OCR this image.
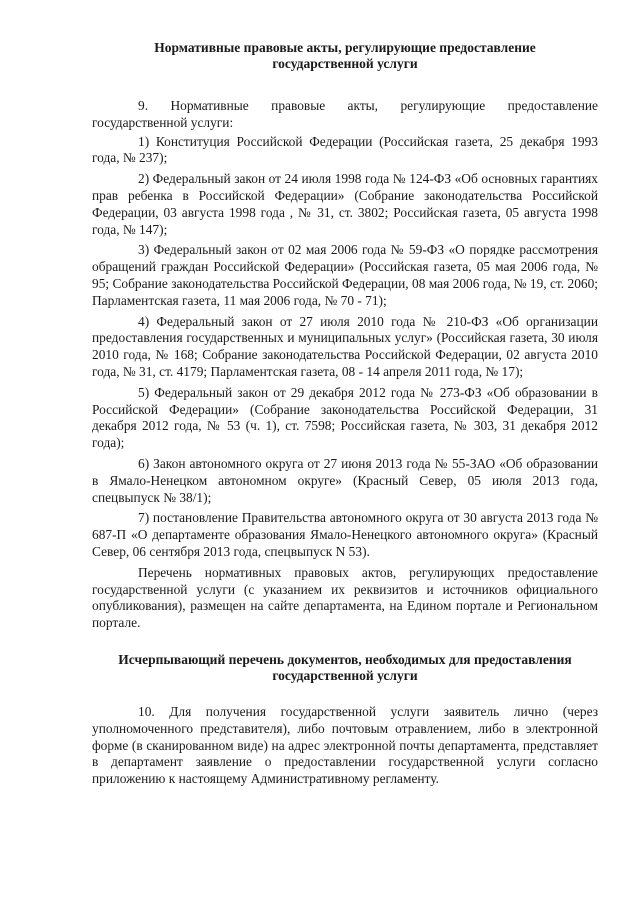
Нормативные правовые акты, регулирующие предоставление
государственной услуги

9. Нормативные правовые акты, регулирующие предоставление государственной услуги:

1) Конституция Российской Федерации (Российская газета, 25 декабря 1993 года, № 237);

2) Федеральный закон от 24 июля 1998 года № 124-ФЗ «Об основных гарантиях прав ребенка в Российской Федерации» (Собрание законодательства Российской Федерации, 03 августа 1998 года , № 31, ст. 3802; Российская газета, 05 августа 1998 года, № 147);

3) Федеральный закон от 02 мая 2006 года № 59-ФЗ «О порядке рассмотрения обращений граждан Российской Федерации» (Российская газета, 05 мая 2006 года, № 95; Собрание законодательства Российской Федерации, 08 мая 2006 года, № 19, ст. 2060; Парламентская газета, 11 мая 2006 года, № 70 - 71);

4) Федеральный закон от 27 июля 2010 года № 210-ФЗ «Об организации предоставления государственных и муниципальных услуг» (Российская газета, 30 июля 2010 года, № 168; Собрание законодательства Российской Федерации, 02 августа 2010 года, № 31, ст. 4179; Парламентская газета, 08 - 14 апреля 2011 года, № 17);

5) Федеральный закон от 29 декабря 2012 года № 273-ФЗ «Об образовании в Российской Федерации» (Собрание законодательства Российской Федерации, 31 декабря 2012 года, № 53 (ч. 1), ст. 7598; Российская газета, № 303, 31 декабря 2012 года);

6) Закон автономного округа от 27 июня 2013 года № 55-ЗАО «Об образовании в Ямало-Ненецком автономном округе» (Красный Север, 05 июля 2013 года, спецвыпуск № 38/1);

7) постановление Правительства автономного округа от 30 августа 2013 года № 687-П «О департаменте образования Ямало-Ненецкого автономного округа» (Красный Север, 06 сентября 2013 года, спецвыпуск N 53).

Перечень нормативных правовых актов, регулирующих предоставление государственной услуги (с указанием их реквизитов и источников официального опубликования), размещен на сайте департамента, на Едином портале и Региональном портале.

Исчерпывающий перечень документов, необходимых для предоставления
государственной услуги

10. Для получения государственной услуги заявитель лично (через уполномоченного представителя), либо почтовым отравлением, либо в электронной форме (в сканированном виде) на адрес электронной почты департамента, представляет в департамент заявление о предоставлении государственной услуги согласно приложению к настоящему Административному регламенту.
